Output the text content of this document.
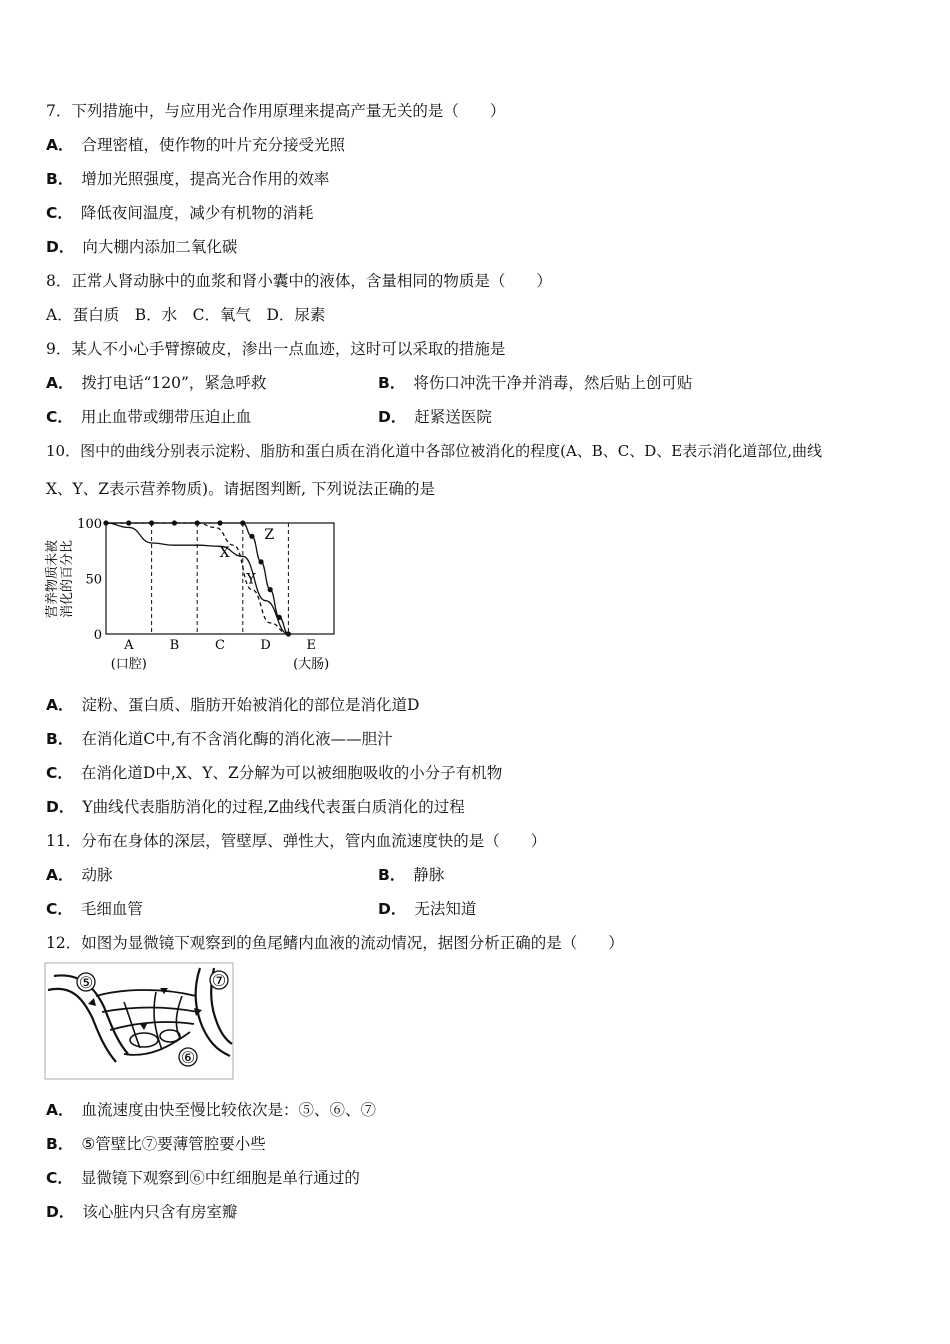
7．下列措施中，与应用光合作用原理来提高产量无关的是（　　）
A． 合理密植，使作物的叶片充分接受光照
B． 增加光照强度，提高光合作用的效率
C． 降低夜间温度，减少有机物的消耗
D． 向大棚内添加二氧化碳
8．正常人肾动脉中的血浆和肾小囊中的液体，含量相同的物质是（　　）
A．蛋白质　B．水　C．氧气　D．尿素
9．某人不小心手臂擦破皮，渗出一点血迹，这时可以采取的措施是
A． 拨打电话“120”，紧急呼救	B． 将伤口冲洗干净并消毒，然后贴上创可贴
C． 用止血带或绷带压迫止血	D． 赶紧送医院
10．图中的曲线分别表示淀粉、脂肪和蛋白质在消化道中各部位被消化的程度(A、B、C、D、E表示消化道部位,曲线
X、Y、Z表示营养物质)。请据图判断, 下列说法正确的是
100
50
0
营养物质未被 消化的百分比
A
(口腔)
B	C	D	E
(大肠)
X
Y
Z
A． 淀粉、蛋白质、脂肪开始被消化的部位是消化道D
B． 在消化道C中,有不含消化酶的消化液——胆汁
C． 在消化道D中,X、Y、Z分解为可以被细胞吸收的小分子有机物
D． Y曲线代表脂肪消化的过程,Z曲线代表蛋白质消化的过程
11．分布在身体的深层，管壁厚、弹性大，管内血流速度快的是（　　）
A． 动脉	B． 静脉
C． 毛细血管	D． 无法知道
12．如图为显微镜下观察到的鱼尾鳍内血液的流动情况，据图分析正确的是（　　）
⑤	⑦
⑥
A． 血流速度由快至慢比较依次是：⑤、⑥、⑦
B． ⑤管壁比⑦要薄管腔要小些
C． 显微镜下观察到⑥中红细胞是单行通过的
D． 该心脏内只含有房室瓣
